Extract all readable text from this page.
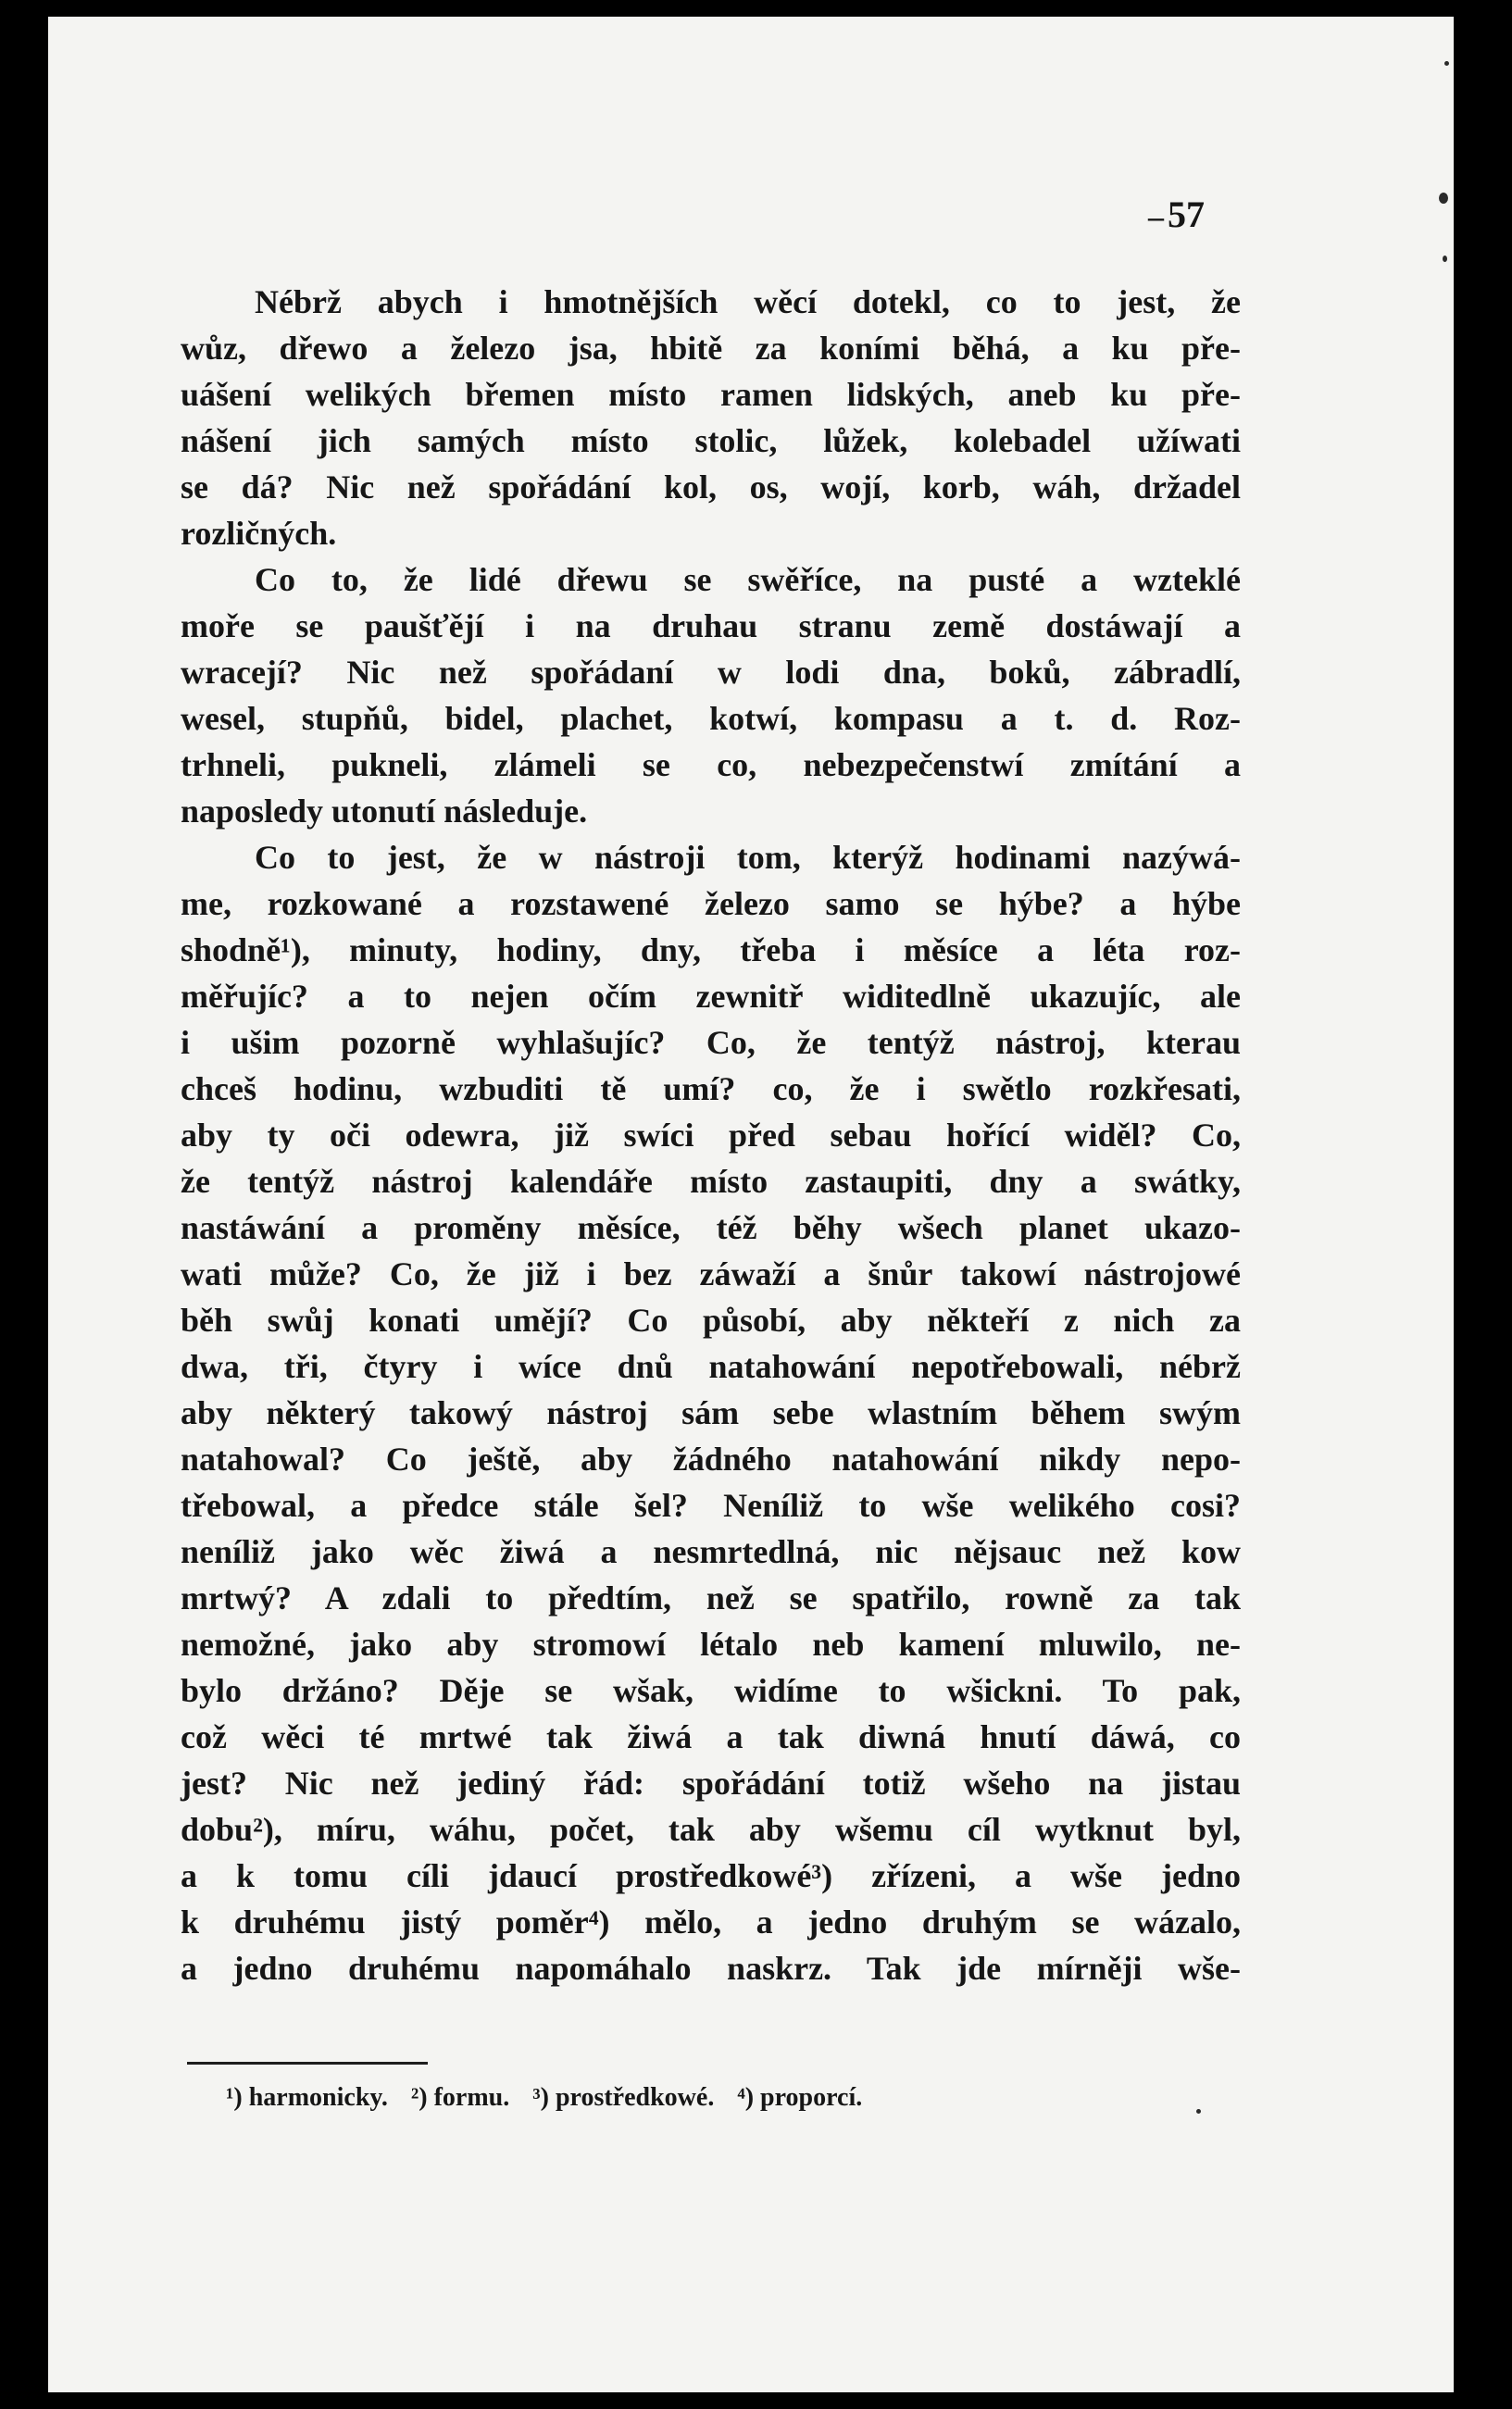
– 57
Nébrž abych i hmotnějších wěcí dotekl, co to jest, že
wůz, dřewo a železo jsa, hbitě za koními běhá, a ku pře-
uášení welikých břemen místo ramen lidských, aneb ku pře-
nášení jich samých místo stolic, lůžek, kolebadel užíwati
se dá? Nic než spořádání kol, os, wojí, korb, wáh, držadel
rozličných.
Co to, že lidé dřewu se swěříce, na pusté a wzteklé
moře se paušťějí i na druhau stranu země dostáwají a
wracejí? Nic než spořádaní w lodi dna, boků, zábradlí,
wesel, stupňů, bidel, plachet, kotwí, kompasu a t. d. Roz-
trhneli, pukneli, zlámeli se co, nebezpečenstwí zmítání a
naposledy utonutí následuje.
Co to jest, že w nástroji tom, kterýž hodinami nazýwá-
me, rozkowané a rozstawené železo samo se hýbe? a hýbe
shodně¹), minuty, hodiny, dny, třeba i měsíce a léta roz-
měřujíc? a to nejen očím zewnitř widitedlně ukazujíc, ale
i ušim pozorně wyhlašujíc? Co, že tentýž nástroj, kterau
chceš hodinu, wzbuditi tě umí? co, že i swětlo rozkřesati,
aby ty oči odewra, již swíci před sebau hořící widěl? Co,
že tentýž nástroj kalendáře místo zastaupiti, dny a swátky,
nastáwání a proměny měsíce, též běhy wšech planet ukazo-
wati může? Co, že již i bez záwaží a šnůr takowí nástrojowé
běh swůj konati umějí? Co působí, aby někteří z nich za
dwa, tři, čtyry i wíce dnů natahowání nepotřebowali, nébrž
aby některý takowý nástroj sám sebe wlastním během swým
natahowal? Co ještě, aby žádného natahowání nikdy nepo-
třebowal, a předce stále šel? Neníliž to wše welikého cosi?
neníliž jako wěc žiwá a nesmrtedlná, nic nějsauc než kow
mrtwý? A zdali to předtím, než se spatřilo, rowně za tak
nemožné, jako aby stromowí létalo neb kamení mluwilo, ne-
bylo držáno? Děje se wšak, widíme to wšickni. To pak,
což wěci té mrtwé tak žiwá a tak diwná hnutí dáwá, co
jest? Nic než jediný řád: spořádání totiž wšeho na jistau
dobu²), míru, wáhu, počet, tak aby wšemu cíl wytknut byl,
a k tomu cíli jdaucí prostředkowé³) zřízeni, a wše jedno
k druhému jistý poměr⁴) mělo, a jedno druhým se wázalo,
a jedno druhému napomáhalo naskrz. Tak jde mírněji wše-
¹) harmonicky. ²) formu. ³) prostředkowé. ⁴) proporcí.
